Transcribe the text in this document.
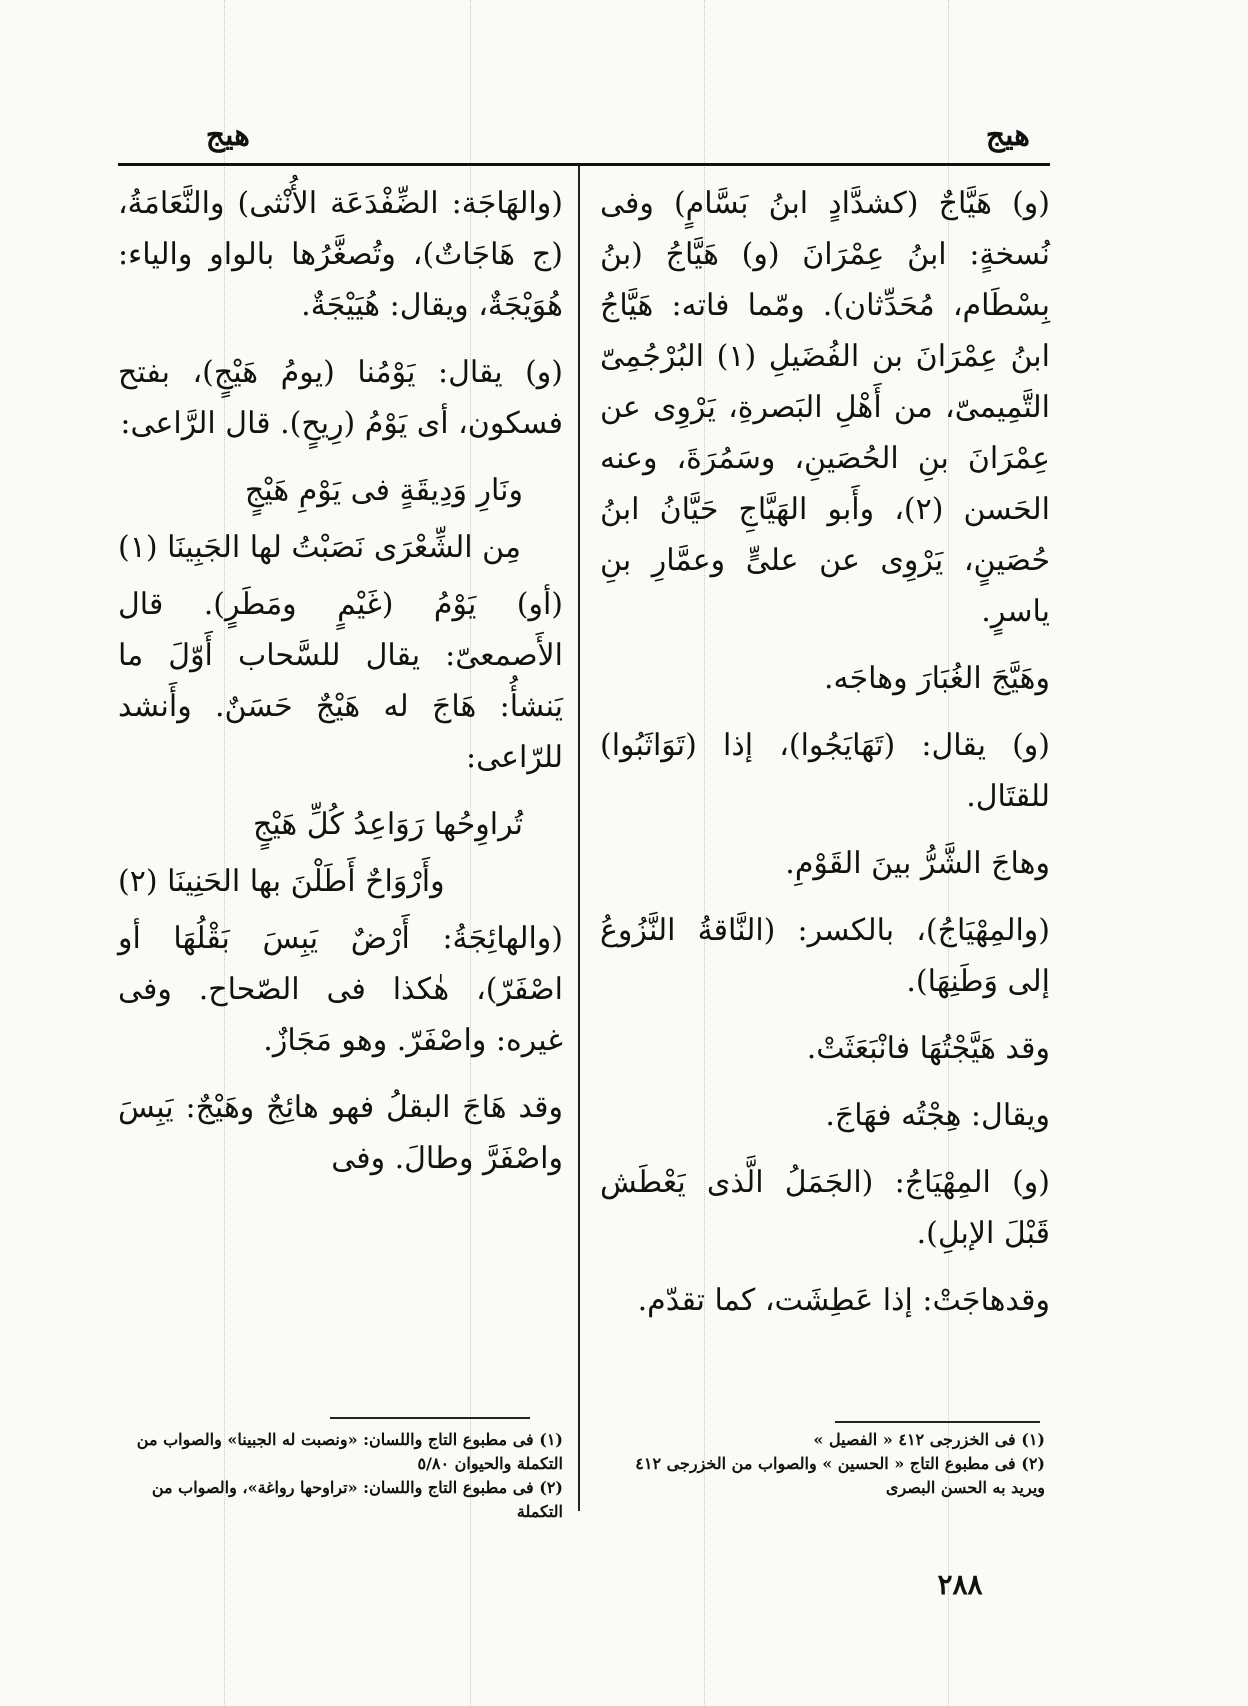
هيج
هيج

(و) هَيَّاجٌ (كشدَّادٍ ابنُ بَسَّامٍ) وفى نُسخةٍ: ابنُ عِمْرَانَ (و) هَيَّاجُ (بنُ بِسْطَام، مُحَدِّثان). ومّما فاته: هَيَّاجُ ابنُ عِمْرَانَ بن الفُضَيلِ (١) البُرْجُمِىّ التَّمِيمىّ، من أَهْلِ البَصرةِ، يَرْوِى عن عِمْرَانَ بنِ الحُصَينِ، وسَمُرَةَ، وعنه الحَسن (٢)، وأَبو الهَيَّاجِ حَيَّانُ ابنُ حُصَينٍ، يَرْوِى عن علىٍّ وعمَّارِ بنِ ياسرٍ.

وهَيَّجَ الغُبَارَ وهاجَه.

(و) يقال: (تَهَايَجُوا)، إذا (تَوَاثَبُوا) للقتَال.

وهاجَ الشَّرُّ بينَ القَوْمِ.

(والمِهْيَاجُ)، بالكسر: (النَّاقةُ النَّزُوعُ إلى وَطَنِهَا).

وقد هَيَّجْتُهَا فانْبَعَثَتْ.

ويقال: هِجْتُه فهَاجَ.

(و) المِهْيَاجُ: (الجَمَلُ الَّذى يَعْطَش قَبْلَ الإبلِ).

وقدهاجَتْ: إذا عَطِشَت، كما تقدّم.

(والهَاجَة: الضِّفْدَعَة الأُنْثى) والنَّعَامَةُ، (ج هَاجَاتٌ)، وتُصغَّرُها بالواو والياء: هُوَيْجَةٌ، ويقال: هُيَيْجَةٌ.

(و) يقال: يَوْمُنا (يومُ هَيْجٍ)، بفتح فسكون، أى يَوْمُ (رِيحٍ). قال الرَّاعى:

ونَارِ وَدِيقَةٍ فى يَوْمِ هَيْجٍ

مِن الشِّعْرَى نَصَبْتُ لها الجَبِينَا (١)

(أو) يَوْمُ (غَيْمٍ ومَطَرٍ). قال الأَصمعىّ: يقال للسَّحاب أَوّلَ ما يَنشأُ: هَاجَ له هَيْجٌ حَسَنٌ. وأَنشد للرّاعى:

تُراوِحُها رَوَاعِدُ كُلِّ هَيْجٍ

وأَرْوَاحٌ أَطَلْنَ بها الحَنِينَا (٢)

(والهائِجَةُ: أَرْضٌ يَبِسَ بَقْلُهَا أو اصْفَرّ)، هٰكذا فى الصّحاح. وفى غيره: واصْفَرّ. وهو مَجَازٌ.

وقد هَاجَ البقلُ فهو هائِجٌ وهَيْجٌ: يَبِسَ واصْفَرَّ وطالَ. وفى

(١) فى الخزرجى ٤١٢ « الفصيل »

(٢) فى مطبوع التاج « الحسين » والصواب من الخزرجى ٤١٢ ويريد به الحسن البصرى

(١) فى مطبوع التاج واللسان: «ونصبت له الجبينا» والصواب من التكملة والحيوان ٥/٨٠

(٢) فى مطبوع التاج واللسان: «تراوحها رواغة»، والصواب من التكملة

٢٨٨
